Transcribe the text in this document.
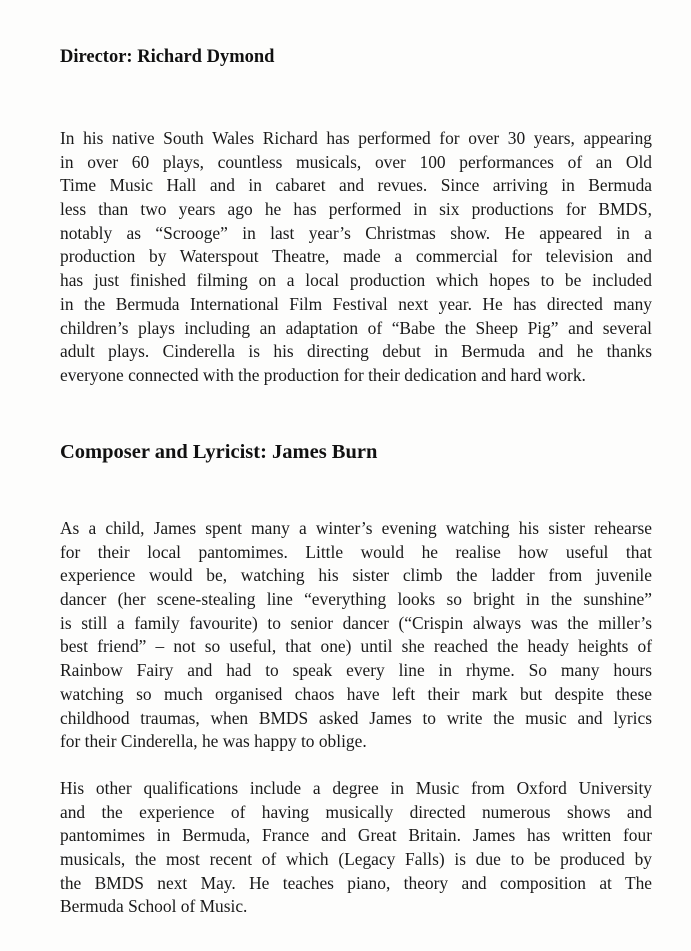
Director: Richard Dymond
In his native South Wales Richard has performed for over 30 years, appearing
in over 60 plays, countless musicals, over 100 performances of an Old
Time Music Hall and in cabaret and revues. Since arriving in Bermuda
less than two years ago he has performed in six productions for BMDS,
notably as “Scrooge” in last year’s Christmas show. He appeared in a
production by Waterspout Theatre, made a commercial for television and
has just finished filming on a local production which hopes to be included
in the Bermuda International Film Festival next year. He has directed many
children’s plays including an adaptation of “Babe the Sheep Pig” and several
adult plays. Cinderella is his directing debut in Bermuda and he thanks
everyone connected with the production for their dedication and hard work.
Composer and Lyricist: James Burn
As a child, James spent many a winter’s evening watching his sister rehearse
for their local pantomimes. Little would he realise how useful that
experience would be, watching his sister climb the ladder from juvenile
dancer (her scene-stealing line “everything looks so bright in the sunshine”
is still a family favourite) to senior dancer (“Crispin always was the miller’s
best friend” – not so useful, that one) until she reached the heady heights of
Rainbow Fairy and had to speak every line in rhyme. So many hours
watching so much organised chaos have left their mark but despite these
childhood traumas, when BMDS asked James to write the music and lyrics
for their Cinderella, he was happy to oblige.
His other qualifications include a degree in Music from Oxford University
and the experience of having musically directed numerous shows and
pantomimes in Bermuda, France and Great Britain. James has written four
musicals, the most recent of which (Legacy Falls) is due to be produced by
the BMDS next May. He teaches piano, theory and composition at The
Bermuda School of Music.
